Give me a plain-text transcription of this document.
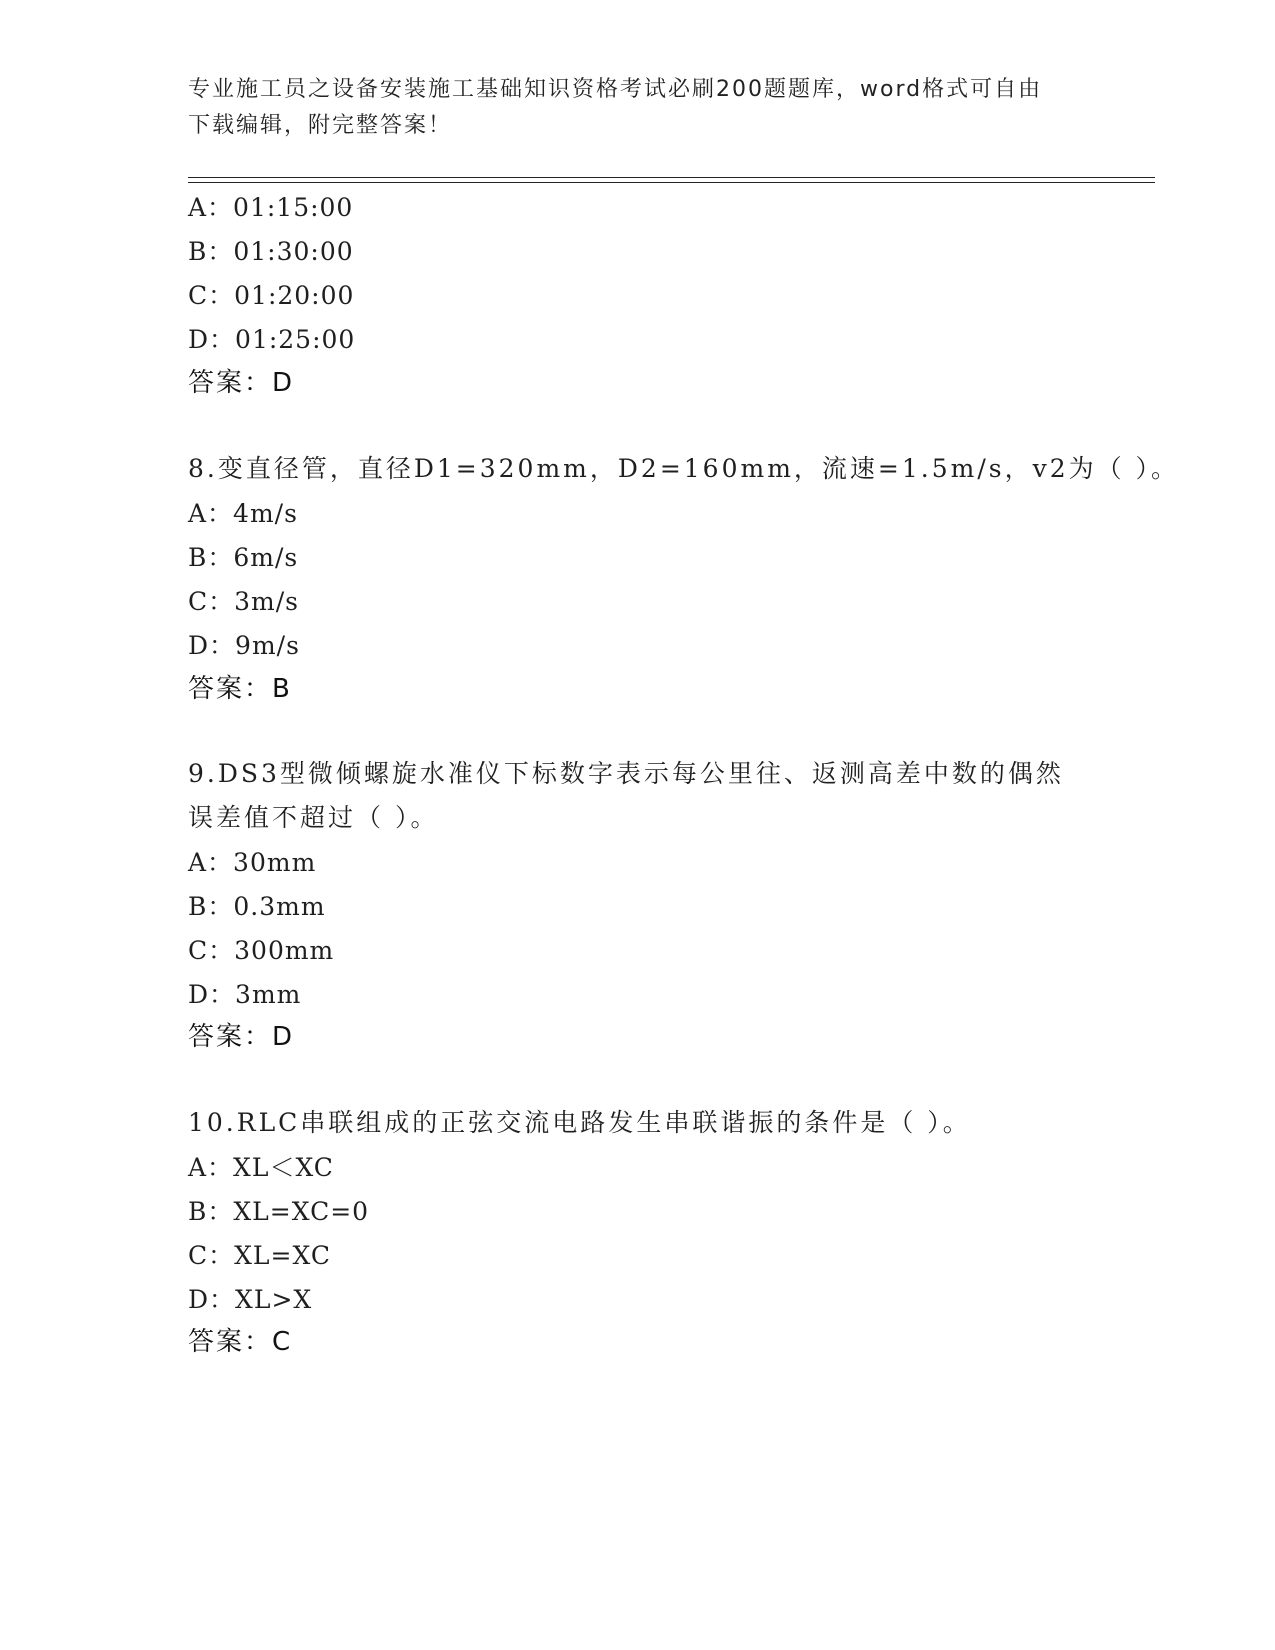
专业施工员之设备安装施工基础知识资格考试必刷200题题库，word格式可自由
下载编辑，附完整答案！
A：01:15:00
B：01:30:00
C：01:20:00
D：01:25:00
答案：D
8.变直径管，直径D1=320mm，D2=160mm，流速=1.5m/s，v2为（ ）。
A：4m/s
B：6m/s
C：3m/s
D：9m/s
答案：B
9.DS3型微倾螺旋水准仪下标数字表示每公里往、返测高差中数的偶然
误差值不超过（ ）。
A：30mm
B：0.3mm
C：300mm
D：3mm
答案：D
10.RLC串联组成的正弦交流电路发生串联谐振的条件是（ ）。
A：XL＜XC
B：XL=XC=0
C：XL=XC
D：XL>X
答案：C
